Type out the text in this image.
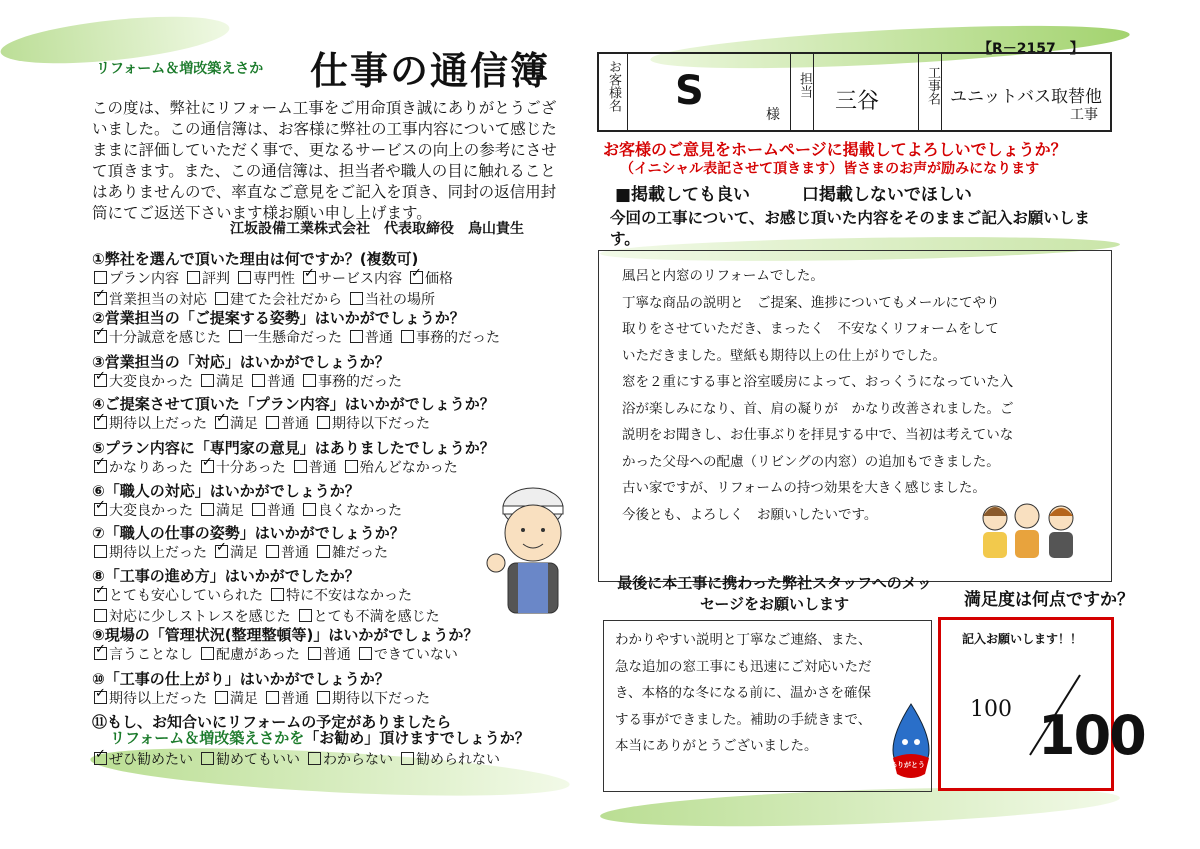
リフォーム＆増改築えさか 仕事の通信簿
この度は、弊社にリフォーム工事をご用命頂き誠にありがとうございました。この通信簿は、お客様に弊社の工事内容について感じたままに評価していただく事で、更なるサービスの向上の参考にさせて頂きます。また、この通信簿は、担当者や職人の目に触れることはありませんので、率直なご意見をご記入を頂き、同封の返信用封筒にてご返送下さいます様お願い申し上げます。
江坂設備工業株式会社　代表取締役　鳥山貴生
①弊社を選んで頂いた理由は何ですか？(複数可)
プラン内容 評判 専門性 ✓ サービス内容 ✓ 価格
✓営業担当の対応 建てた会社だから 当社の場所
②営業担当の「ご提案する姿勢」はいかがでしょうか？
✓十分誠意を感じた 一生懸命だった 普通 事務的だった
③営業担当の「対応」はいかがでしょうか？
✓大変良かった 満足 普通 事務的だった
④ご提案させて頂いた「プラン内容」はいかがでしょうか？
✓期待以上だった ✓ 満足 普通 期待以下だった
⑤プラン内容に「専門家の意見」はありましたでしょうか？
✓かなりあった ✓ 十分あった 普通 殆んどなかった
⑥「職人の対応」はいかがでしょうか？
✓大変良かった 満足 普通 良くなかった
⑦「職人の仕事の姿勢」はいかがでしょうか？
期待以上だった ✓ 満足 普通 雑だった
⑧「工事の進め方」はいかがでしたか？
✓とても安心していられた 特に不安はなかった
対応に少しストレスを感じた とても不満を感じた
⑨現場の「管理状況(整理整頓等)」はいかがでしょうか？
✓言うことなし 配慮があった 普通 できていない
⑩「工事の仕上がり」はいかがでしょうか？
✓期待以上だった 満足 普通 期待以下だった
⑪もし、お知合いにリフォームの予定がありましたら
リフォーム＆増改築えさかを「お勧め」頂けますでしょうか？
✓ぜひ勧めたい 勧めてもいい わからない 勧められない
【R－2157　】
お客様名 S
様
担当
三谷	工事名 ユニットバス取替他
工事
お客様のご意見をホームページに掲載してよろしいでしょうか？
（イニシャル表記させて頂きます）皆さまのお声が励みになります
■掲載しても良い	口掲載しないでほしい
今回の工事について、お感じ頂いた内容をそのままご記入お願いします。
風呂と内窓のリフォームでした。
丁寧な商品の説明と　ご提案、進捗についてもメールにてやり
取りをさせていただき、まったく　不安なくリフォームをして
いただきました。壁紙も期待以上の仕上がりでした。
窓を２重にする事と浴室暖房によって、おっくうになっていた入
浴が楽しみになり、首、肩の凝りが　かなり改善されました。ご
説明をお聞きし、お仕事ぶりを拝見する中で、当初は考えていな
かった父母への配慮（リビングの内窓）の追加もできました。
古い家ですが、リフォームの持つ効果を大きく感じました。
今後とも、よろしく　お願いしたいです。
最後に本工事に携わった弊社スタッフへのメッセージをお願いします
わかりやすい説明と丁寧なご連絡、また、
急な追加の窓工事にも迅速にご対応いただ
き、本格的な冬になる前に、温かさを確保
する事ができました。補助の手続きまで、
本当にありがとうございました。
ありがとう
満足度は何点ですか？
記入お願いします！！
100 100
